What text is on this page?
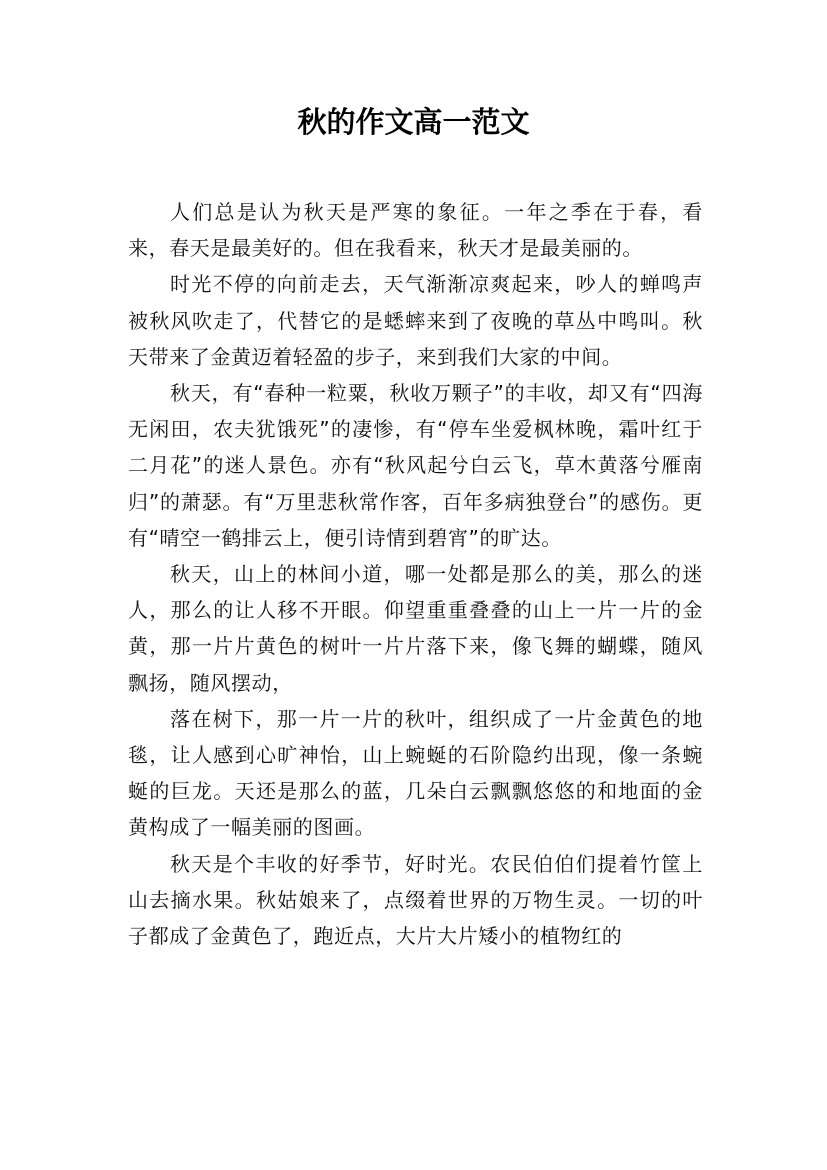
秋的作文高一范文

人们总是认为秋天是严寒的象征。一年之季在于春，看来，春天是最美好的。但在我看来，秋天才是最美丽的。

时光不停的向前走去，天气渐渐凉爽起来，吵人的蝉鸣声被秋风吹走了，代替它的是蟋蟀来到了夜晚的草丛中鸣叫。秋天带来了金黄迈着轻盈的步子，来到我们大家的中间。

秋天，有“春种一粒粟，秋收万颗子”的丰收，却又有“四海无闲田，农夫犹饿死”的凄惨，有“停车坐爱枫林晚，霜叶红于二月花”的迷人景色。亦有“秋风起兮白云飞，草木黄落兮雁南归”的萧瑟。有“万里悲秋常作客，百年多病独登台”的感伤。更有“晴空一鹤排云上，便引诗情到碧宵”的旷达。

秋天，山上的林间小道，哪一处都是那么的美，那么的迷人，那么的让人移不开眼。仰望重重叠叠的山上一片一片的金黄，那一片片黄色的树叶一片片落下来，像飞舞的蝴蝶，随风飘扬，随风摆动，

落在树下，那一片一片的秋叶，组织成了一片金黄色的地毯，让人感到心旷神怡，山上蜿蜒的石阶隐约出现，像一条蜿蜒的巨龙。天还是那么的蓝，几朵白云飘飘悠悠的和地面的金黄构成了一幅美丽的图画。

秋天是个丰收的好季节，好时光。农民伯伯们提着竹筐上山去摘水果。秋姑娘来了，点缀着世界的万物生灵。一切的叶子都成了金黄色了，跑近点，大片大片矮小的植物红的
